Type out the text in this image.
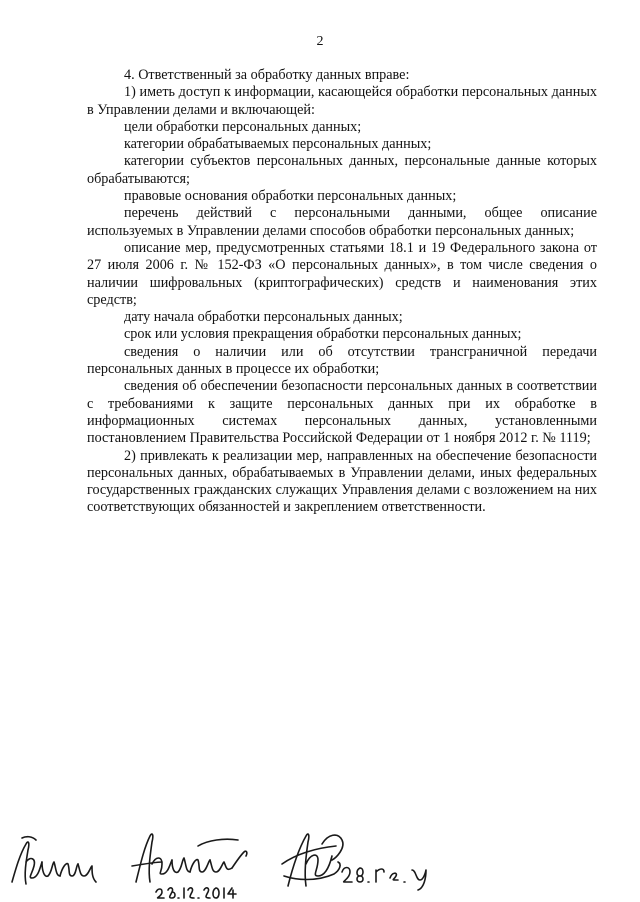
2

4. Ответственный за обработку данных вправе:

1) иметь доступ к информации, касающейся обработки персональных данных в Управлении делами и включающей:

цели обработки персональных данных;

категории обрабатываемых персональных данных;

категории субъектов персональных данных, персональные данные которых обрабатываются;

правовые основания обработки персональных данных;

перечень действий с персональными данными, общее описание используемых в Управлении делами способов обработки персональных данных;

описание мер, предусмотренных статьями 18.1 и 19 Федерального закона от 27 июля 2006 г. № 152-ФЗ «О персональных данных», в том числе сведения о наличии шифровальных (криптографических) средств и наименования этих средств;

дату начала обработки персональных данных;

срок или условия прекращения обработки персональных данных;

сведения о наличии или об отсутствии трансграничной передачи персональных данных в процессе их обработки;

сведения об обеспечении безопасности персональных данных в соответствии с требованиями к защите персональных данных при их обработке в информационных системах персональных данных, установленными постановлением Правительства Российской Федерации от 1 ноября 2012 г. № 1119;

2) привлекать к реализации мер, направленных на обеспечение безопасности персональных данных, обрабатываемых в Управлении делами, иных федеральных государственных гражданских служащих Управления делами с возложением на них соответствующих обязанностей и закреплением ответственности.
